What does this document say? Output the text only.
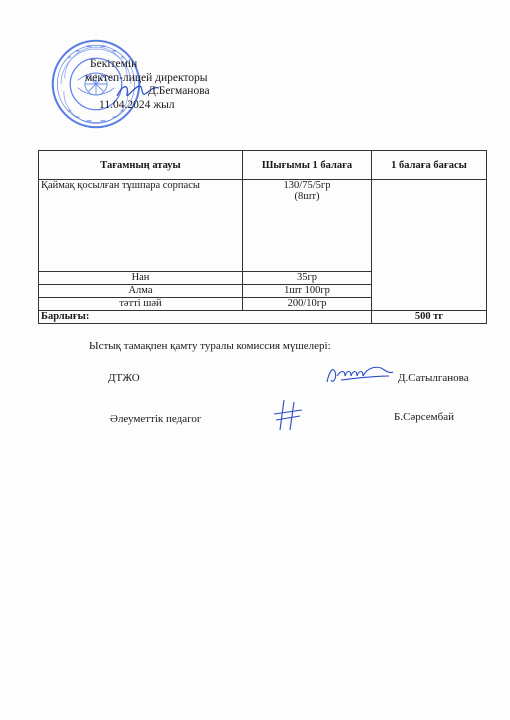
Бекітемін
мектеп-лицей директоры
Д.Бегманова
11.04.2024 жыл
Тағамның атауы	Шығымы 1 балаға	1 балаға бағасы
Қаймақ қосылған тұшпара сорпасы	130/75/5гр
(8шт)	

Нан	35гр	
Алма	1шт 100гр	
тәтті шәй	200/10гр	
Барлығы:		500 тг
Ыстық тамақпен қамту туралы комиссия мүшелері:
ДТЖО	Д.Сатылганова
Әлеуметтік педагог	Б.Сәрсембай
